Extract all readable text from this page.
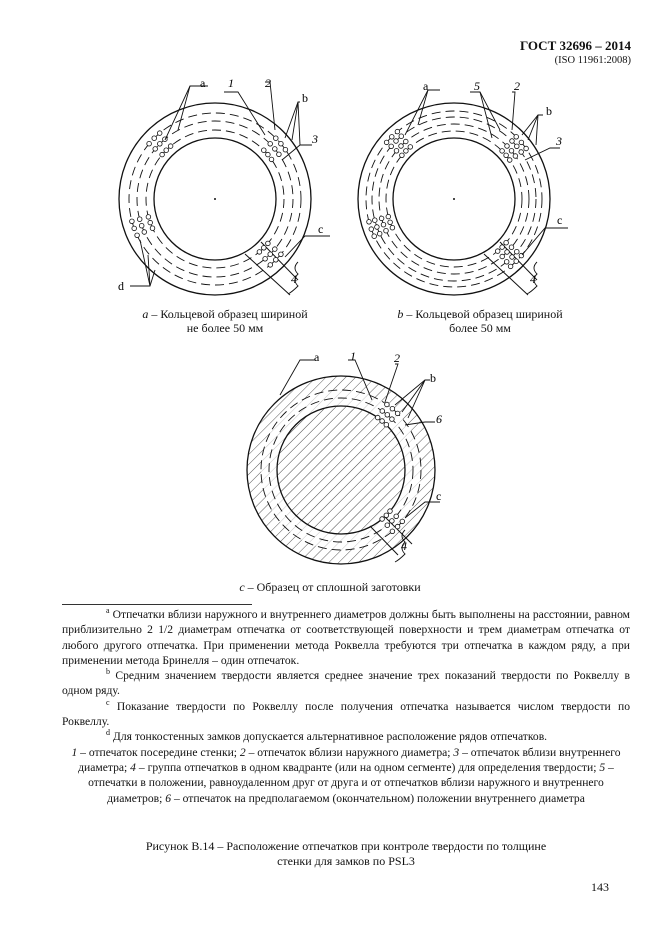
ГОСТ 32696 – 2014
(ISO 11961:2008)
a 1	2
b
3
c
4
d
a	5	2
b
3
c
4
a	1	2
b
6
c
4
a – Кольцевой образец шириной
не более 50 мм
b – Кольцевой образец шириной
более 50 мм
c – Образец от сплошной заготовки

$^a$ Отпечатки вблизи наружного и внутреннего диаметров должны быть выполнены на расстоянии, равном приблизительно 2 1/2 диаметрам отпечатка от соответствующей поверхности и трем диаметрам отпечатка от любого другого отпечатка. При применении метода Роквелла требуются три отпечатка в каждом ряду, а при применении метода Бринелля – один отпечаток.

$^b$ Средним значением твердости является среднее значение трех показаний твердости по Роквеллу в одном ряду.

$^c$ Показание твердости по Роквеллу после получения отпечатка называется числом твердости по Роквеллу.

$^d$ Для тонкостенных замков допускается альтернативное расположение рядов отпечатков.

1 – отпечаток посередине стенки; 2 – отпечаток вблизи наружного диаметра; 3 – отпечаток вблизи внутреннего диаметра; 4 – группа отпечатков в одном квадранте (или на одном сегменте) для определения твердости; 5 – отпечатки в положении, равноудаленном друг от друга и от отпечатков вблизи наружного и внутреннего диаметров; 6 – отпечаток на предполагаемом (окончательном) положении внутреннего диаметра

Рисунок В.14 – Расположение отпечатков при контроле твердости по толщине
стенки для замков по PSL3
143
